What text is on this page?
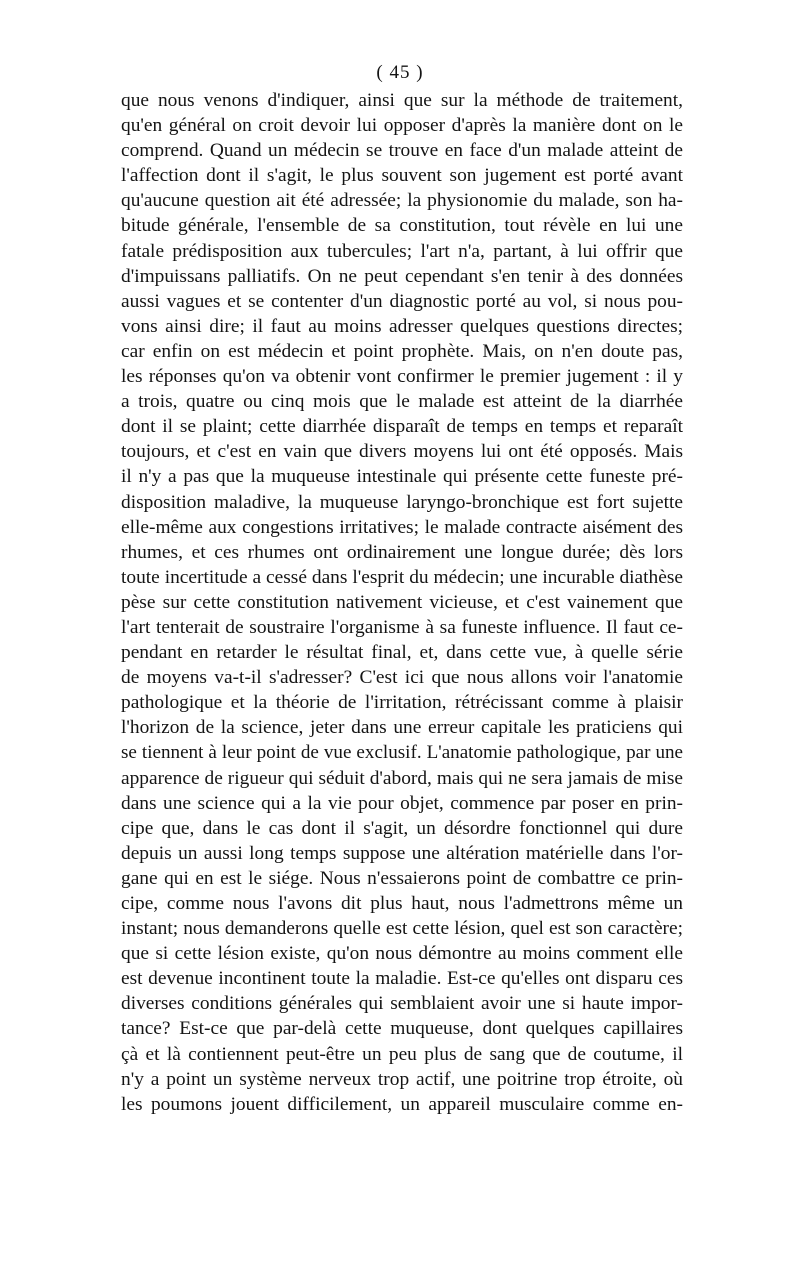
( 45 )
que nous venons d'indiquer, ainsi que sur la méthode de traitement,
qu'en général on croit devoir lui opposer d'après la manière dont on le
comprend. Quand un médecin se trouve en face d'un malade atteint de
l'affection dont il s'agit, le plus souvent son jugement est porté avant
qu'aucune question ait été adressée; la physionomie du malade, son ha-
bitude générale, l'ensemble de sa constitution, tout révèle en lui une
fatale prédisposition aux tubercules; l'art n'a, partant, à lui offrir que
d'impuissans palliatifs. On ne peut cependant s'en tenir à des données
aussi vagues et se contenter d'un diagnostic porté au vol, si nous pou-
vons ainsi dire; il faut au moins adresser quelques questions directes;
car enfin on est médecin et point prophète. Mais, on n'en doute pas,
les réponses qu'on va obtenir vont confirmer le premier jugement : il y
a trois, quatre ou cinq mois que le malade est atteint de la diarrhée
dont il se plaint; cette diarrhée disparaît de temps en temps et reparaît
toujours, et c'est en vain que divers moyens lui ont été opposés. Mais
il n'y a pas que la muqueuse intestinale qui présente cette funeste pré-
disposition maladive, la muqueuse laryngo-bronchique est fort sujette
elle-même aux congestions irritatives; le malade contracte aisément des
rhumes, et ces rhumes ont ordinairement une longue durée; dès lors
toute incertitude a cessé dans l'esprit du médecin; une incurable diathèse
pèse sur cette constitution nativement vicieuse, et c'est vainement que
l'art tenterait de soustraire l'organisme à sa funeste influence. Il faut ce-
pendant en retarder le résultat final, et, dans cette vue, à quelle série
de moyens va-t-il s'adresser? C'est ici que nous allons voir l'anatomie
pathologique et la théorie de l'irritation, rétrécissant comme à plaisir
l'horizon de la science, jeter dans une erreur capitale les praticiens qui
se tiennent à leur point de vue exclusif. L'anatomie pathologique, par une
apparence de rigueur qui séduit d'abord, mais qui ne sera jamais de mise
dans une science qui a la vie pour objet, commence par poser en prin-
cipe que, dans le cas dont il s'agit, un désordre fonctionnel qui dure
depuis un aussi long temps suppose une altération matérielle dans l'or-
gane qui en est le siége. Nous n'essaierons point de combattre ce prin-
cipe, comme nous l'avons dit plus haut, nous l'admettrons même un
instant; nous demanderons quelle est cette lésion, quel est son caractère;
que si cette lésion existe, qu'on nous démontre au moins comment elle
est devenue incontinent toute la maladie. Est-ce qu'elles ont disparu ces
diverses conditions générales qui semblaient avoir une si haute impor-
tance? Est-ce que par-delà cette muqueuse, dont quelques capillaires
çà et là contiennent peut-être un peu plus de sang que de coutume, il
n'y a point un système nerveux trop actif, une poitrine trop étroite, où
les poumons jouent difficilement, un appareil musculaire comme en-
